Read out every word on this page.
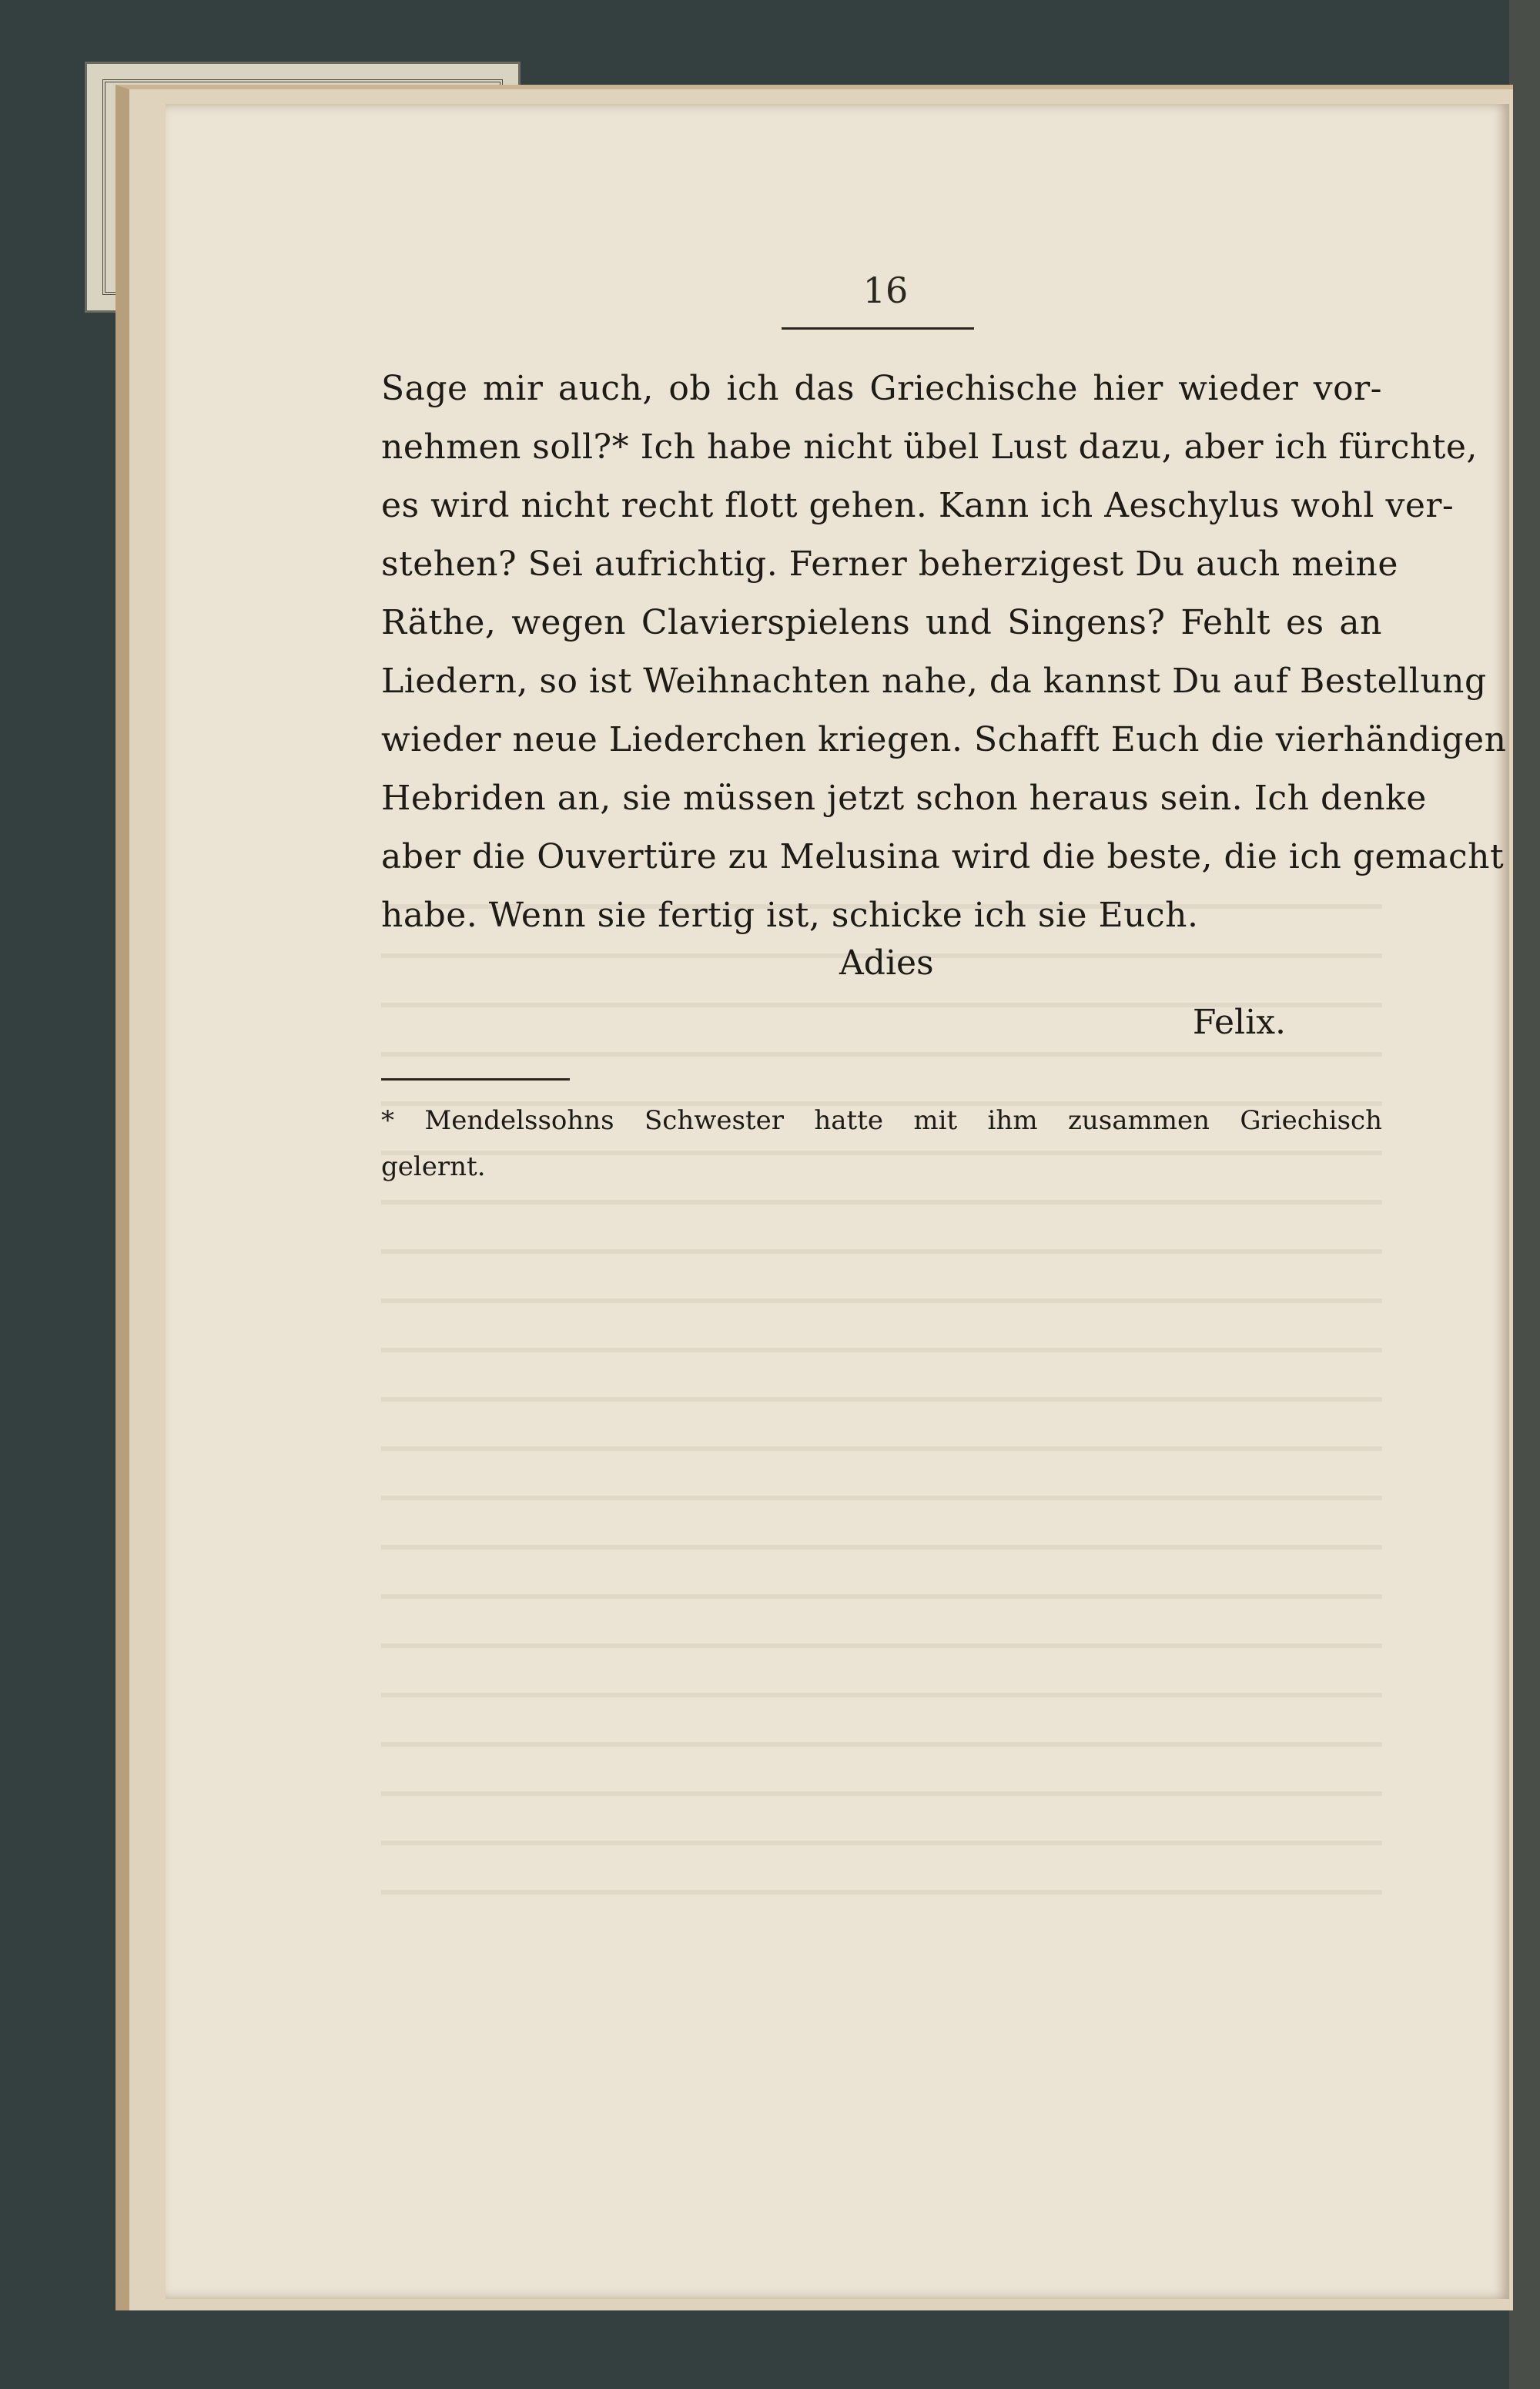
16
Sage mir auch, ob ich das Griechische hier wieder vor-
nehmen soll?* Ich habe nicht übel Lust dazu, aber ich fürchte,
es wird nicht recht flott gehen. Kann ich Aeschylus wohl ver-
stehen? Sei aufrichtig. Ferner beherzigest Du auch meine
Räthe, wegen Clavierspielens und Singens? Fehlt es an
Liedern, so ist Weihnachten nahe, da kannst Du auf Bestellung
wieder neue Liederchen kriegen. Schafft Euch die vierhändigen
Hebriden an, sie müssen jetzt schon heraus sein. Ich denke
aber die Ouvertüre zu Melusina wird die beste, die ich gemacht
habe. Wenn sie fertig ist, schicke ich sie Euch.
Adies
Felix.
* Mendelssohns Schwester hatte mit ihm zusammen Griechisch
gelernt.
